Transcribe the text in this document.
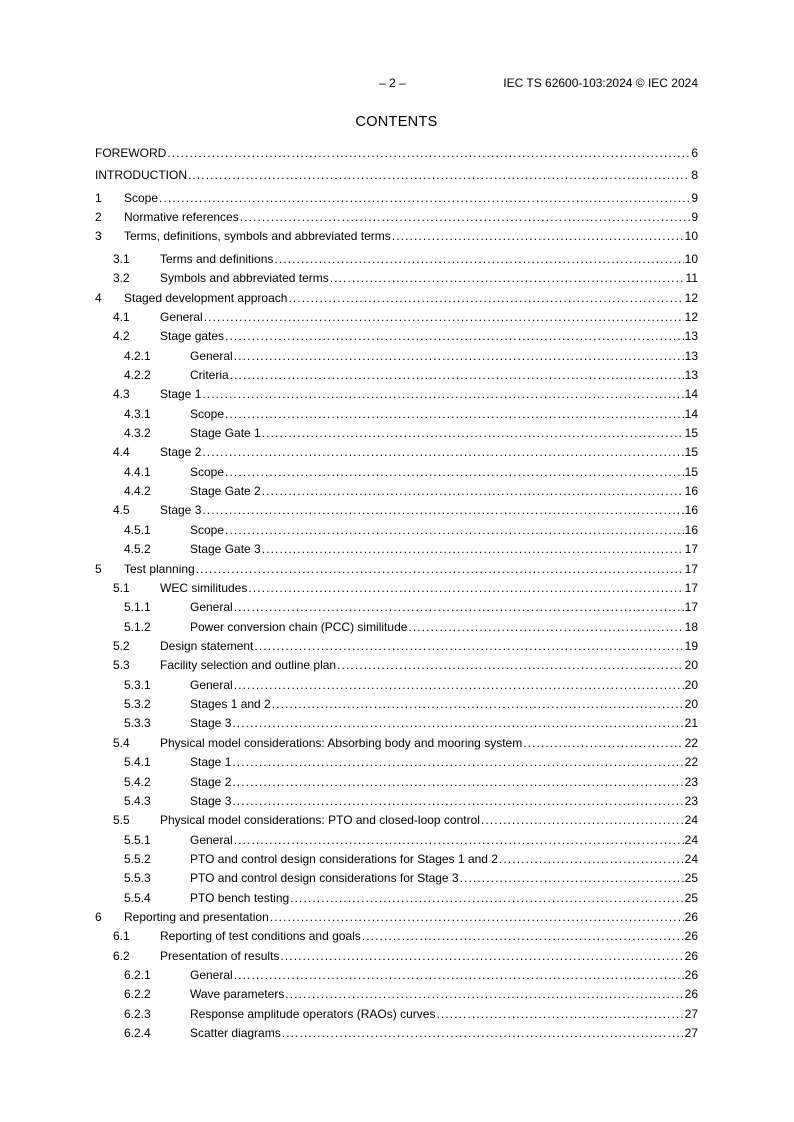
– 2 –	IEC TS 62600-103:2024 © IEC 2024
CONTENTS
FOREWORD .....	6
INTRODUCTION .....	8
1	Scope .....	9
2	Normative references .....	9
3	Terms, definitions, symbols and abbreviated terms .....	10
3.1	Terms and definitions .....	10
3.2	Symbols and abbreviated terms .....	11
4	Staged development approach .....	12
4.1	General .....	12
4.2	Stage gates .....	13
4.2.1	General .....	13
4.2.2	Criteria .....	13
4.3	Stage 1 .....	14
4.3.1	Scope .....	14
4.3.2	Stage Gate 1 .....	15
4.4	Stage 2 .....	15
4.4.1	Scope .....	15
4.4.2	Stage Gate 2 .....	16
4.5	Stage 3 .....	16
4.5.1	Scope .....	16
4.5.2	Stage Gate 3 .....	17
5	Test planning .....	17
5.1	WEC similitudes .....	17
5.1.1	General .....	17
5.1.2	Power conversion chain (PCC) similitude .....	18
5.2	Design statement .....	19
5.3	Facility selection and outline plan .....	20
5.3.1	General .....	20
5.3.2	Stages 1 and 2 .....	20
5.3.3	Stage 3 .....	21
5.4	Physical model considerations: Absorbing body and mooring system .....	22
5.4.1	Stage 1 .....	22
5.4.2	Stage 2 .....	23
5.4.3	Stage 3 .....	23
5.5	Physical model considerations: PTO and closed-loop control .....	24
5.5.1	General .....	24
5.5.2	PTO and control design considerations for Stages 1 and 2 .....	24
5.5.3	PTO and control design considerations for Stage 3 .....	25
5.5.4	PTO bench testing .....	25
6	Reporting and presentation .....	26
6.1	Reporting of test conditions and goals .....	26
6.2	Presentation of results .....	26
6.2.1	General .....	26
6.2.2	Wave parameters .....	26
6.2.3	Response amplitude operators (RAOs) curves .....	27
6.2.4	Scatter diagrams .....	27
